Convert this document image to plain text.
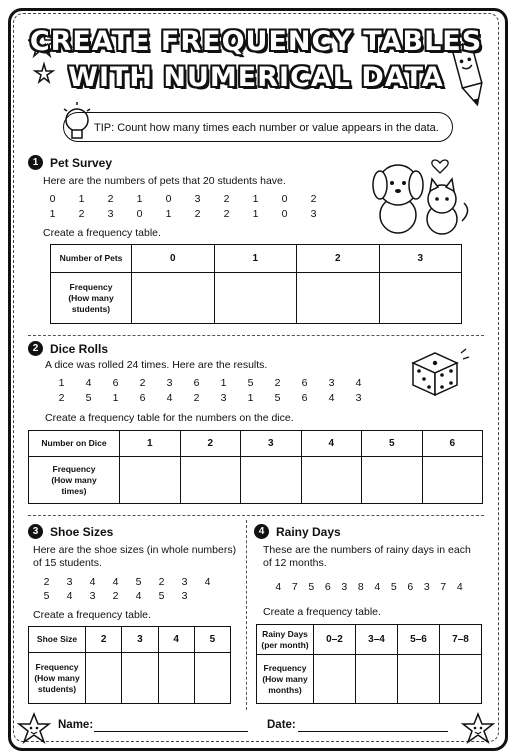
CREATE FREQUENCY TABLES
WITH NUMERICAL DATA
TIP: Count how many times each number or value appears in the data.
1 Pet Survey
Here are the numbers of pets that 20 students have.
0	1	2	1	0	3	2	1	0	2
1	2	3	0	1	2	2	1	0	3
Create a frequency table.
Number of Pets	0	1	2	3

Frequency
(How many
students)				

2 Dice Rolls
A dice was rolled 24 times. Here are the results.
1	4	6	2	3	6	1	5	2	6	3	4
2	5	1	6	4	2	3	1	5	6	4	3
Create a frequency table for the numbers on the dice.
Number on Dice	1	2	3	4	5	6

Frequency
(How many
times)						

3 Shoe Sizes
Here are the shoe sizes (in whole numbers)
of 15 students.
2	3	4	4	5	2	3	4
5	4	3	2	4	5	3
Create a frequency table.
Shoe Size	2	3	4	5

Frequency
(How many
students)				

4 Rainy Days
These are the numbers of rainy days in each
of 12 months.
4	7	5	6	3	8	4	5	6	3	7	4
Create a frequency table.
Rainy Days
(per month)	0–2	3–4	5–6	7–8

Frequency
(How many
months)				

Name:	Date:
